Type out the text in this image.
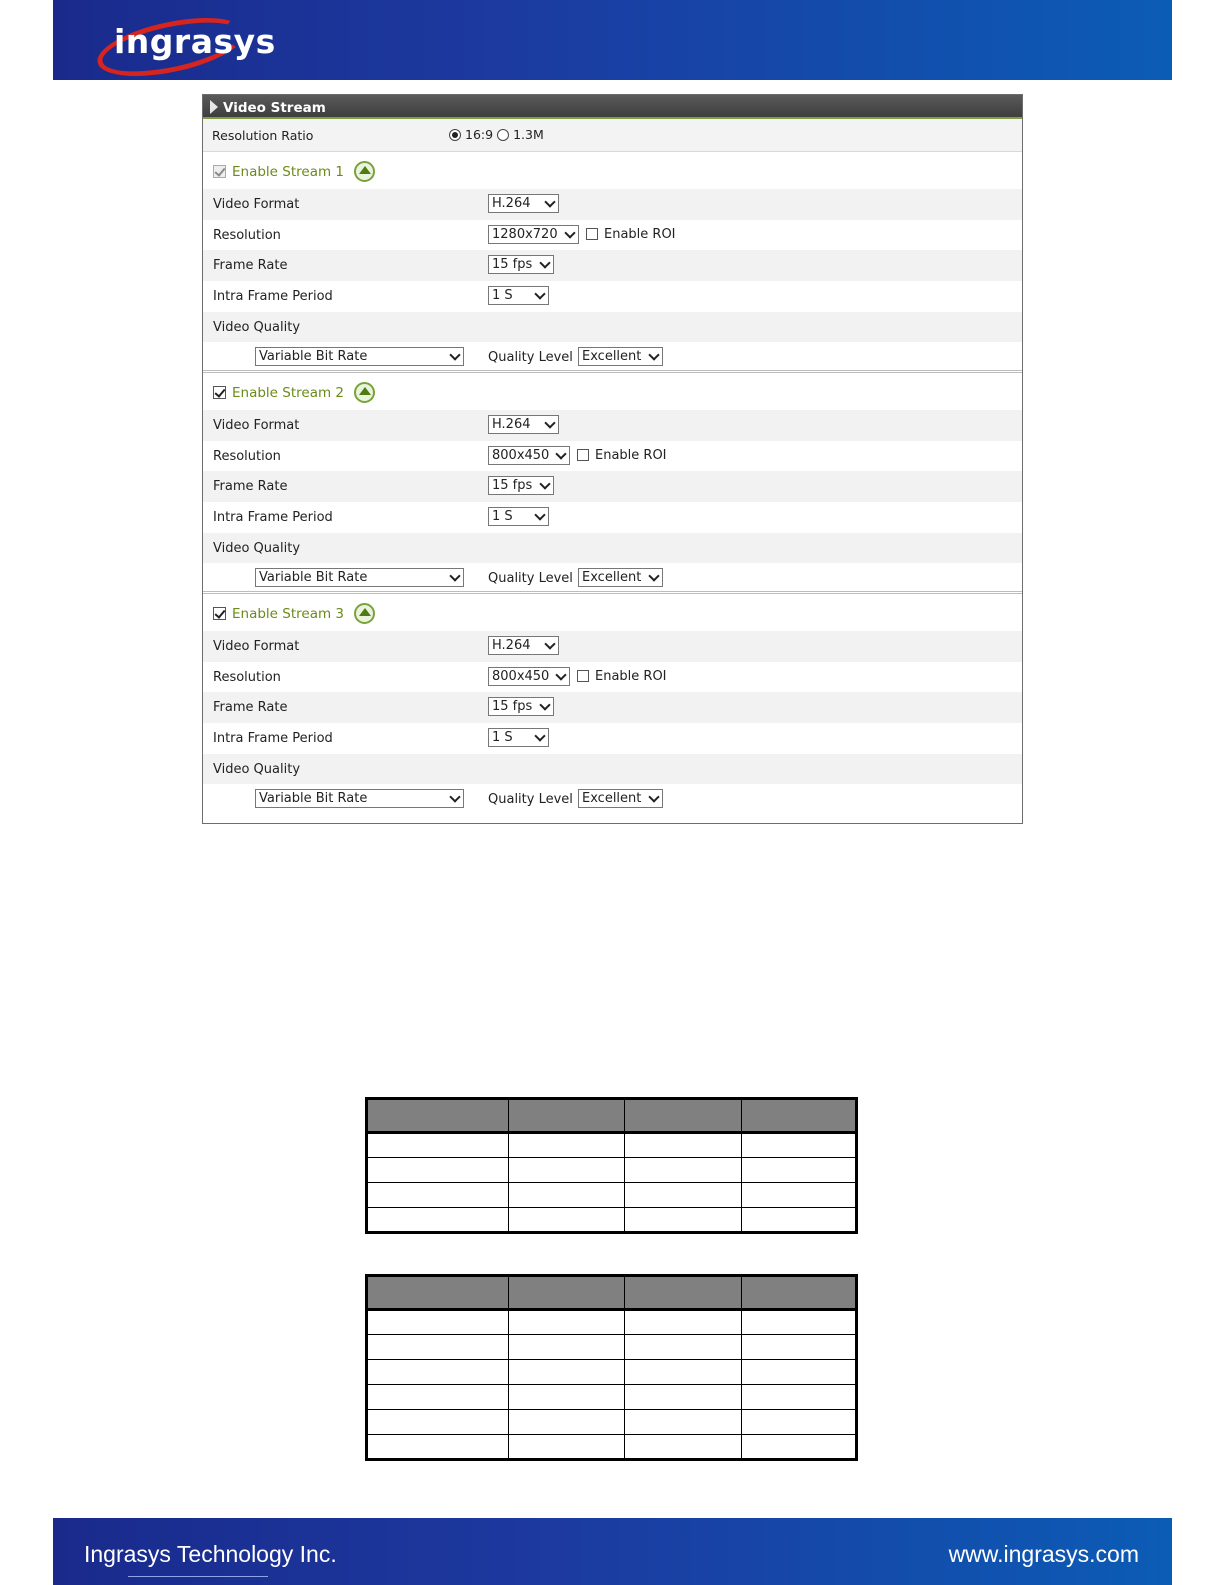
ingrasys
Video Stream
Resolution Ratio	16:9 1.3M
Enable Stream 1
Video Format	H.264
Resolution	1280x720	Enable ROI
Frame Rate	15 fps
Intra Frame Period	1 S
Video Quality
Variable Bit Rate	Quality Level Excellent
Enable Stream 2
Video Format	H.264
Resolution	800x450	Enable ROI
Frame Rate	15 fps
Intra Frame Period	1 S
Video Quality
Variable Bit Rate	Quality Level Excellent
Enable Stream 3
Video Format	H.264
Resolution	800x450	Enable ROI
Frame Rate	15 fps
Intra Frame Period	1 S
Video Quality
Variable Bit Rate	Quality Level Excellent

Ingrasys Technology Inc.	www.ingrasys.com
